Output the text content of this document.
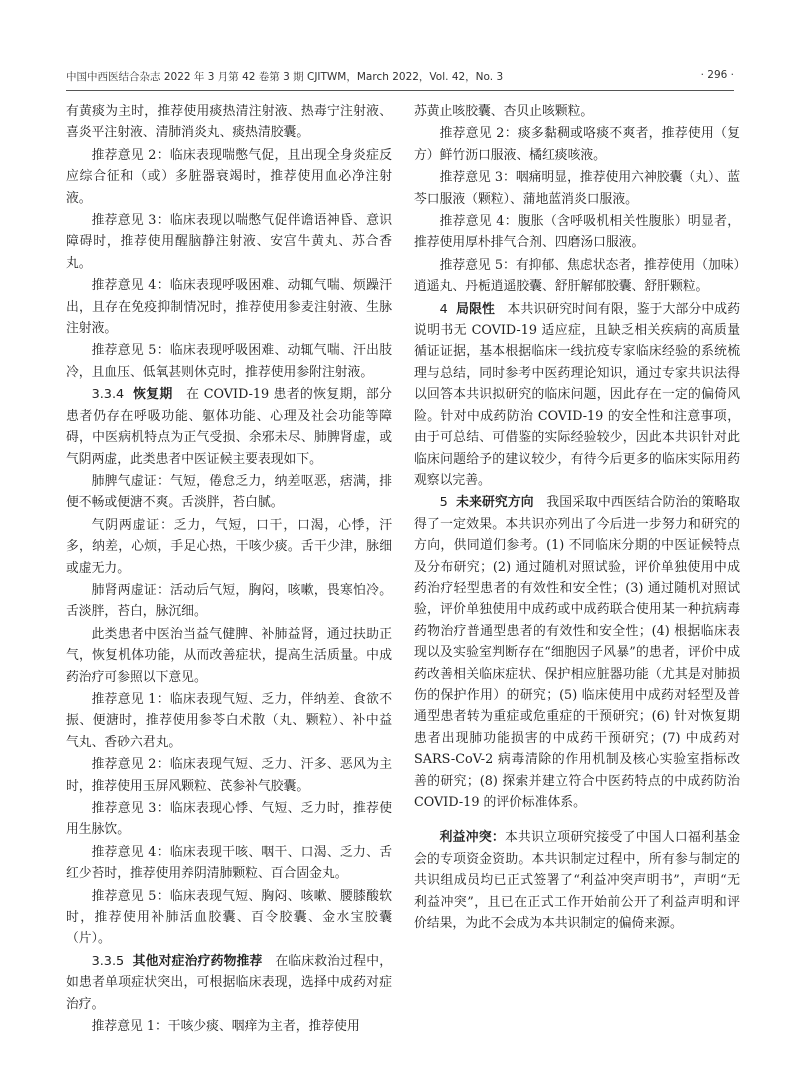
中国中西医结合杂志 2022 年 3 月第 42 卷第 3 期 CJITWM，March 2022，Vol. 42，No. 3	· 296 ·

有黄痰为主时，推荐使用痰热清注射液、热毒宁注射液、喜炎平注射液、清肺消炎丸、痰热清胶囊。

推荐意见 2：临床表现喘憋气促，且出现全身炎症反应综合征和（或）多脏器衰竭时，推荐使用血必净注射液。

推荐意见 3：临床表现以喘憋气促伴谵语神昏、意识障碍时，推荐使用醒脑静注射液、安宫牛黄丸、苏合香丸。

推荐意见 4：临床表现呼吸困难、动辄气喘、烦躁汗出，且存在免疫抑制情况时，推荐使用参麦注射液、生脉注射液。

推荐意见 5：临床表现呼吸困难、动辄气喘、汗出肢冷，且血压、低氧甚则休克时，推荐使用参附注射液。

3.3.4 恢复期 在 COVID-19 患者的恢复期，部分患者仍存在呼吸功能、躯体功能、心理及社会功能等障碍，中医病机特点为正气受损、余邪未尽、肺脾肾虚，或气阴两虚，此类患者中医证候主要表现如下。

肺脾气虚证：气短，倦怠乏力，纳差呕恶，痞满，排便不畅或便溏不爽。舌淡胖，苔白腻。

气阴两虚证：乏力，气短，口干，口渴，心悸，汗多，纳差，心烦，手足心热，干咳少痰。舌干少津，脉细或虚无力。

肺肾两虚证：活动后气短，胸闷，咳嗽，畏寒怕冷。舌淡胖，苔白，脉沉细。

此类患者中医治当益气健脾、补肺益肾，通过扶助正气，恢复机体功能，从而改善症状，提高生活质量。中成药治疗可参照以下意见。

推荐意见 1：临床表现气短、乏力，伴纳差、食欲不振、便溏时，推荐使用参苓白术散（丸、颗粒）、补中益气丸、香砂六君丸。

推荐意见 2：临床表现气短、乏力、汗多、恶风为主时，推荐使用玉屏风颗粒、芪参补气胶囊。

推荐意见 3：临床表现心悸、气短、乏力时，推荐使用生脉饮。

推荐意见 4：临床表现干咳、咽干、口渴、乏力、舌红少苔时，推荐使用养阴清肺颗粒、百合固金丸。

推荐意见 5：临床表现气短、胸闷、咳嗽、腰膝酸软时，推荐使用补肺活血胶囊、百令胶囊、金水宝胶囊（片）。

3.3.5 其他对症治疗药物推荐 在临床救治过程中，如患者单项症状突出，可根据临床表现，选择中成药对症治疗。

推荐意见 1：干咳少痰、咽痒为主者，推荐使用

苏黄止咳胶囊、杏贝止咳颗粒。

推荐意见 2：痰多黏稠或咯痰不爽者，推荐使用（复方）鲜竹沥口服液、橘红痰咳液。

推荐意见 3：咽痛明显，推荐使用六神胶囊（丸）、蓝芩口服液（颗粒）、蒲地蓝消炎口服液。

推荐意见 4：腹胀（含呼吸机相关性腹胀）明显者，推荐使用厚朴排气合剂、四磨汤口服液。

推荐意见 5：有抑郁、焦虑状态者，推荐使用（加味）逍遥丸、丹栀逍遥胶囊、舒肝解郁胶囊、舒肝颗粒。

4 局限性 本共识研究时间有限，鉴于大部分中成药说明书无 COVID-19 适应症，且缺乏相关疾病的高质量循证证据，基本根据临床一线抗疫专家临床经验的系统梳理与总结，同时参考中医药理论知识，通过专家共识法得以回答本共识拟研究的临床问题，因此存在一定的偏倚风险。针对中成药防治 COVID-19 的安全性和注意事项，由于可总结、可借鉴的实际经验较少，因此本共识针对此临床问题给予的建议较少，有待今后更多的临床实际用药观察以完善。

5 未来研究方向 我国采取中西医结合防治的策略取得了一定效果。本共识亦列出了今后进一步努力和研究的方向，供同道们参考。(1) 不同临床分期的中医证候特点及分布研究；(2) 通过随机对照试验，评价单独使用中成药治疗轻型患者的有效性和安全性；(3) 通过随机对照试验，评价单独使用中成药或中成药联合使用某一种抗病毒药物治疗普通型患者的有效性和安全性；(4) 根据临床表现以及实验室判断存在“细胞因子风暴”的患者，评价中成药改善相关临床症状、保护相应脏器功能（尤其是对肺损伤的保护作用）的研究；(5) 临床使用中成药对轻型及普通型患者转为重症或危重症的干预研究；(6) 针对恢复期患者出现肺功能损害的中成药干预研究；(7) 中成药对 SARS-CoV-2 病毒清除的作用机制及核心实验室指标改善的研究；(8) 探索并建立符合中医药特点的中成药防治 COVID-19 的评价标准体系。

利益冲突：本共识立项研究接受了中国人口福利基金会的专项资金资助。本共识制定过程中，所有参与制定的共识组成员均已正式签署了“利益冲突声明书”，声明“无利益冲突”，且已在正式工作开始前公开了利益声明和评价结果，为此不会成为本共识制定的偏倚来源。
